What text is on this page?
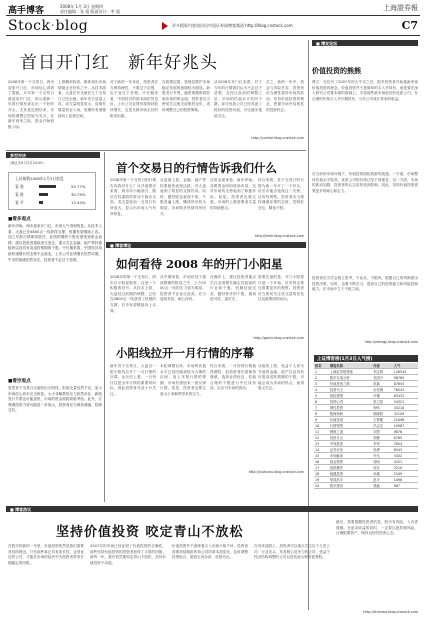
高手博客	2008年 1月 3日 星期四
责任编辑：张 旭 版面设计：李 超	上海證券報
Stock·blog	更多精彩内容请访问中国证券网博客频道 http://blog.cnstock.com	C7
首日开门红　新年好兆头
2008年第一个交易日，两市迎来开门红，市场信心得到了提振。开年第一个交易日就迎来开门红，预示着新一年的行情有望走出一个好的开头。尤其是近期以来，市场的调整已经较为充分，在新年到来之际，资金开始积极入场。
上涨概率较高，都体现出市场情绪正在好转之中。从技术面看，大盘在年末最后几个交易日已经企稳，新年首日放量上攻，成交量明显放大，说明有增量资金入场，短期仍有望继续向上拓展空间。
对于新的一年来说，投资者应当保持理性，不要过于乐观，也不宜过于悲观。中长期来看，中国经济的基本面依然良好，上市公司业绩仍将保持较快增长，这是支撑市场走好的根本因素。
在政策层面，管理层维护市场稳定发展的意图较为明显。新股发行节奏、融资规模都将影响市场的资金面，投资者应当密切关注相关政策的变化，适时调整自己的投资策略。
从2008年开门红来看，对于今年的行情我们认为不必过于悲观，在经过此前的调整之后，市场的估值水平有所下降，部分优质公司已经具备了较好的投资价值，可以逐步逢低关注。
总之，新的一年中，机会与风险并存，投资者应当理性看待市场的波动，坚持价值投资的理念，把握市场中结构性的投资机会。
http://yunhai.blog.cnstock.com
■ 博友论坛
价值投资的熊熊
博文：在经历了2007年的大牛市之后，很多投资者开始重新审视价值投资的理念。价值投资并不是简单的买入并持有，而是要在深入研究公司基本面的基础上，寻找那些被市场低估的优质公司，在合理的价格买入并长期持有，分享公司成长带来的收益。
在当前的市场环境下，价值投资面临着新的挑战。一方面，市场整体估值水平较高，优质公司的价格已经不再便宜；另一方面，市场的波动加剧，投资者的心态容易受到影响。因此，坚持价值投资需要更多的耐心和定力。
投资者应当学会独立思考，不盲从、不跟风，根据自己的判断做出投资决策。同时，也要不断学习，提高自己的投资能力和风险控制能力，在市场中立于不败之地。
http://zhengji.blog.cnstock.com
上证博客榜(1月3日人气榜)
排名	博客名称	作者	人气
1	上海证券报博客	李志林	126543
2	股市实战分析	吴国平	98765
3	价值投资之路	但斌	87654
4	趋势为王	余岳桐	76543
5	财经观察	叶檀	65432
6	投资心得	张卫星	54321
7	理性投资	钟鸣	43210
8	股海扬帆	陈晓阳	32109
9	价值发现	王利敏	21098
10	行情观察	冯志宏	10987
11	理财之道	刘思	9876
12	投资日记	胡俊	8765
13	中线投资	李华	7654
14	证券评论	杨勇	6543
15	市场解读	许凡	5432
16	基金观察	周明	4321
17	波段操作	何东	3210
18	稳健投资	孙健	2109
19	短线高手	赵平	1098
20	股市漫谈	钱毅	987
多空对决
（截止到1月2日20:00）
上证指数2008年1月3日收盘
看 涨	55.77%
看 跌	30.79%
看 平	13.44%
■看多观点
新年伊始，两市迎来开门红，市场人气得到恢复。从技术上看，大盘已在4800点一线获得支撑，短期有望继续上攻。加之年报行情即将展开，业绩预增的个股有望受到资金追捧，建议投资者逢低适当加仓，重点关注金融、地产等权重板块以及具有高送转预期的个股。中长期来看，中国经济持续快速增长的态势不会改变，上市公司业绩增长依然可期，牛市的基础依然存在，投资者不必过于悲观。
■看空观点
虽然首个交易日大盘收出小阳线，但成交量仍然不足，显示市场信心尚未完全恢复。大小非解禁的压力依然存在，新股发行节奏也可能加快，市场的资金面将面临考验。此外，宏观调控的力度可能进一步加大，投资者应当保持谨慎，控制仓位。
首个交易日的行情告诉我们什么
2008年第一个交易日的行情告诉我们什么？从开盘情况来看，两市均小幅高开，随后在权重股的带动下稳步走高，成交量较前一交易日有所放大，显示出市场人气有所恢复。
从盘面上看，金融、地产等权重板块表现活跃，对大盘起到了明显的支撑作用。同时，题材股也表现不俗，个股普遍上涨，赚钱效应较为明显，市场做多热情有所回升。
从资金面来看，新年伊始，各路资金纷纷进场布局，这对市场的走势起到了积极作用。但是，投资者也要注意，市场的上涨需要成交量的持续配合。
综合来看，首个交易日的行情为新一年开了一个好头，但后市能否延续这一走势，还有待观察。投资者应当保持谨慎乐观的态度，控制好仓位，精选个股。
http://leshi.blog.cnstock.com
■ 博客博论
如何看待 2008 年的开门小阳星
2008年的第一个交易日，两市以小阳星报收，这是一个积极的信号。从技术上看，大盘经过前期的调整，已经在4800点一线获得了较强的支撑，后市有望继续向上反弹。
从中期来看，市场仍处于震荡整理的格局之中，上方5500点一线的压力较为明显。投资者不宜盲目追高，应当逢低布局，耐心持有。
在操作上，建议投资者重点关注业绩增长确定性较高的行业和个股，回避估值过高、题材炒作的个股，做到进可攻、退可守。
需要注意的是，开门小阳星只是一个开始，后市的走势还需要更多的观察。投资者应当密切关注成交量的变化以及政策面的动向。
http://ganlu.blog.cnstock.com
小阳线拉开一月行情的序幕
新年首个交易日，大盘以一根小阳线拉开了一月行情的序幕。从历史上看，一月份往往是全年行情的重要风向标，因此投资者对此十分关注。
本轮调整以来，市场的估值水平已经回落到较为合理的区间，加上年报行情的预期，市场有望迎来一波反弹行情。但是，投资者也要注意大小非解禁带来的压力。
综合来看，一月份的行情值得期待，但投资者仍需保持谨慎，选择业绩优良、估值合理的个股进行中长线布局，以应对市场的波动。
从板块上看，受益于人民币升值的金融、地产以及具有年报高送转预期的个股，可能会成为市场的热点，值得重点关注。
http://lushuwu.blog.cnstock.com
■ 博客热议
坚持价值投资 咬定青山不放松
在股市的新的一年里，价值投资依然是我们需要坚持的理念。只有那些真正具有成长性、业绩优良的公司，才能在市场的起伏中为投资者带来长期稳定的回报。
2007年的市场已经证明了价值投资的正确性，那些坚持价值投资的投资者获得了丰厚的回报。新的一年，我们依然要咬定青山不放松，坚持价值投资不动摇。
价值投资并不意味着买入后就不闻不问，投资者需要持续跟踪所持公司的基本面变化，及时调整投资组合，做到去伪存真、优胜劣汰。
在具体选股上，投资者可以重点关注以下几类公司：行业龙头、具有核心竞争力的公司、受益于经济结构调整的公司以及估值合理的蓝筹股。
最后，需要提醒投资者的是，股市有风险，入市需谨慎。在追求收益的同时，一定要注意控制风险，合理配置资产，保持良好的投资心态。
http://shenma.blog.cnstock.com
